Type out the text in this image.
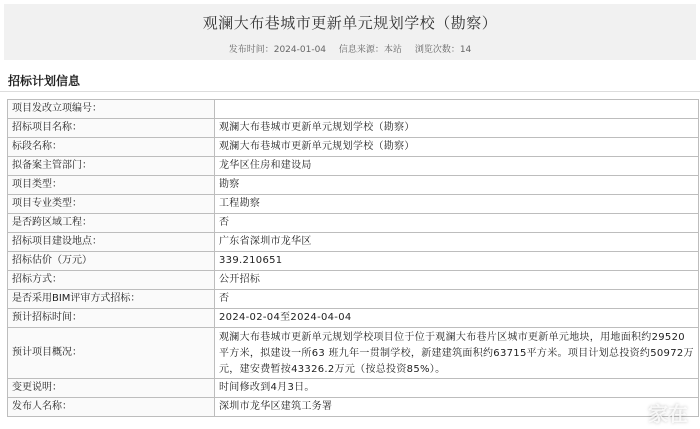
观澜大布巷城市更新单元规划学校（勘察）
发布时间：2024-01-04 信息来源：本站 浏览次数：14
招标计划信息
项目发改立项编号：	
招标项目名称：	观澜大布巷城市更新单元规划学校（勘察）
标段名称：	观澜大布巷城市更新单元规划学校（勘察）
拟备案主管部门：	龙华区住房和建设局
项目类型：	勘察
项目专业类型：	工程勘察
是否跨区域工程：	否
招标项目建设地点：	广东省深圳市龙华区
招标估价（万元）	339.210651
招标方式：	公开招标
是否采用BIM评审方式招标：	否
预计招标时间：	2024-02-04至2024-04-04
预计项目概况：	观澜大布巷城市更新单元规划学校项目位于位于观澜大布巷片区城市更新单元地块，用地面积约29520平方米，拟建设一所63 班九年一贯制学校，新建建筑面积约63715平方米。项目计划总投资约50972万元，建安费暂按43326.2万元（按总投资85%）。
变更说明：	时间修改到4月3日。
发布人名称：	深圳市龙华区建筑工务署	家在
